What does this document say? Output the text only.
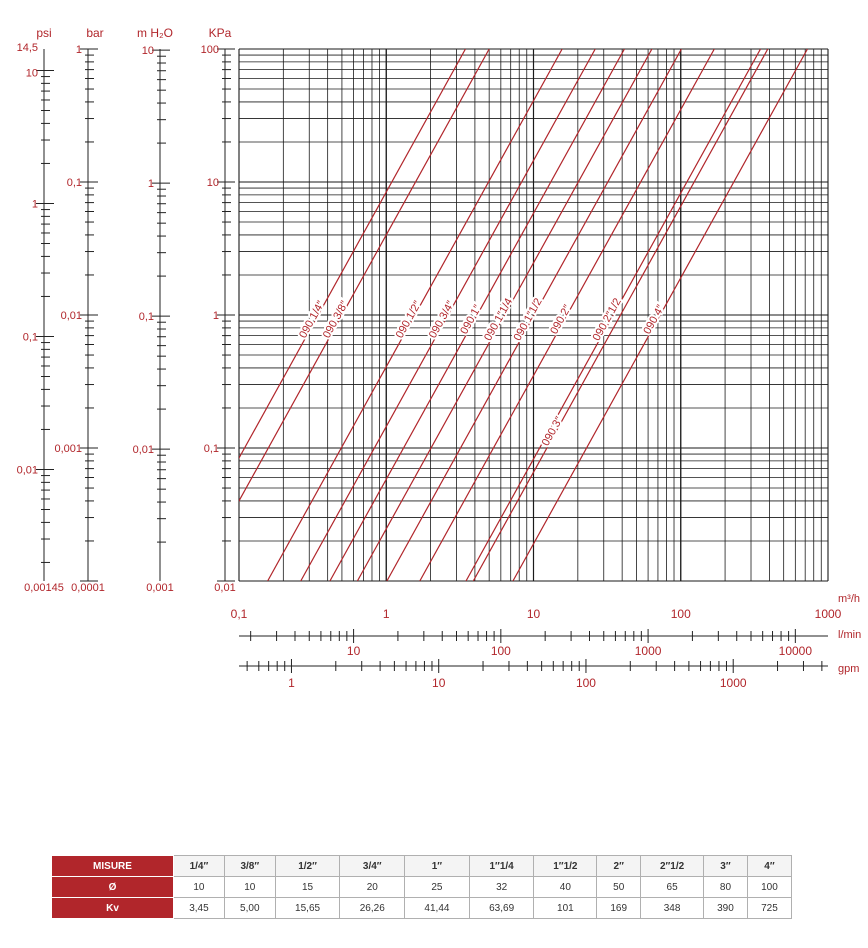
090 1/4″
090 3/8″	090 1/2″ 090 3/4″ 090 1″
090 1″1/4
090 1″1/2 090 2″ 090 2″1/2
090 3″
090 4″
psi
14,5
10
1
0,1
0,01
0,00145
bar
1
0,1
0,01
0,001
0,0001
m H₂O
10
1
0,1
0,01
0,001
KPa
100
10
1
0,1
0,01
0,1	1	10	100	1000
m³/h
10	100	1000	10000
l/min
1	10	100	1000
gpm
MISURE	1/4″	3/8″	1/2″	3/4″	1″	1″1/4	1″1/2	2″	2″1/2	3″	4″
Ø	10	10	15	20	25	32	40	50	65	80	100
Kv	3,45	5,00	15,65	26,26	41,44	63,69	101	169	348	390	725
